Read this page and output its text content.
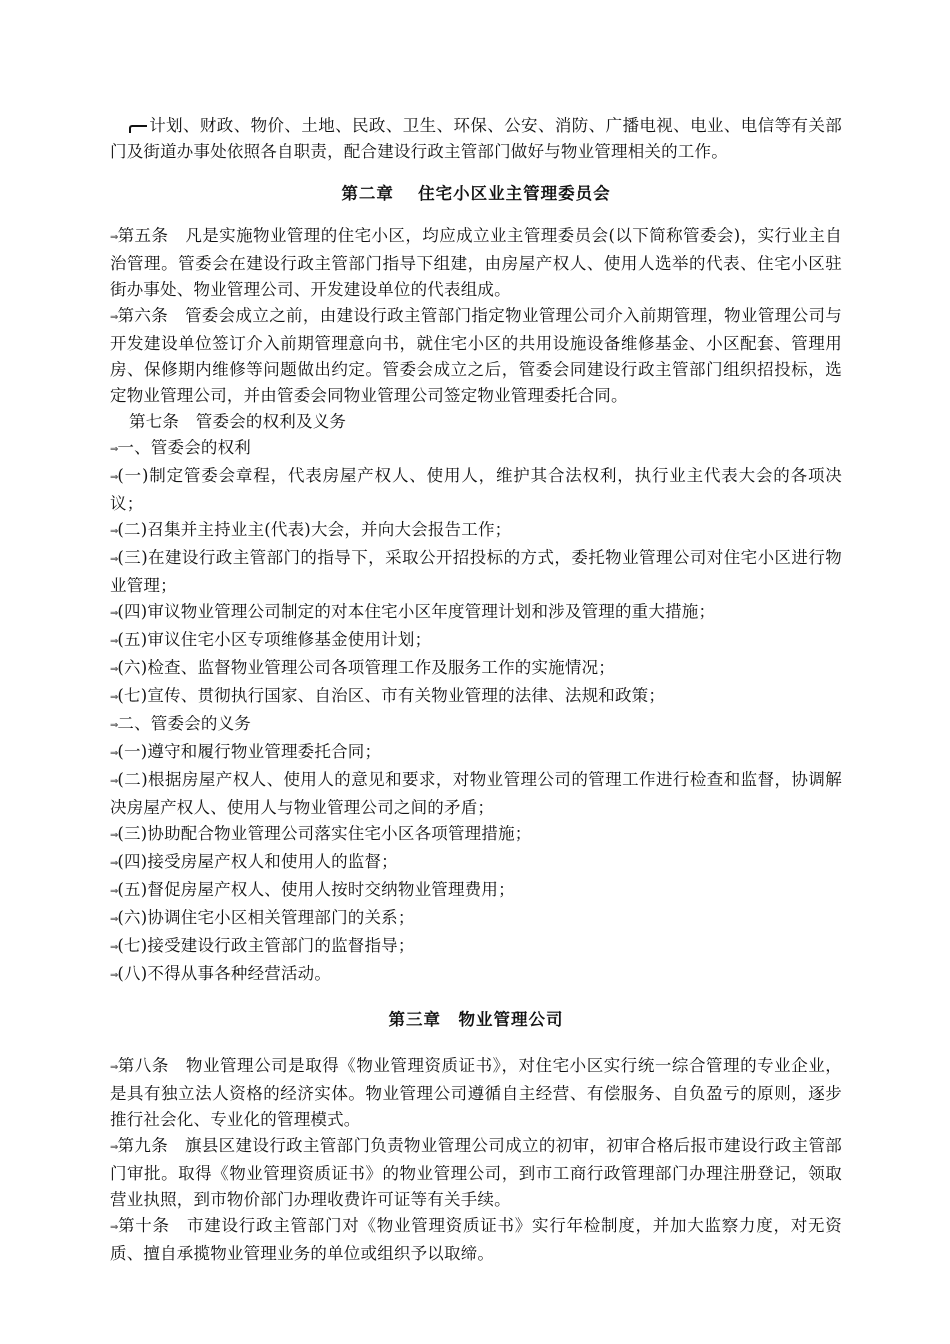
计划、财政、物价、土地、民政、卫生、环保、公安、消防、广播电视、电业、电信等有关部门及街道办事处依照各自职责，配合建设行政主管部门做好与物业管理相关的工作。

第二章　 住宅小区业主管理委员会

⇒第五条　凡是实施物业管理的住宅小区，均应成立业主管理委员会(以下简称管委会)，实行业主自治管理。管委会在建设行政主管部门指导下组建，由房屋产权人、使用人选举的代表、住宅小区驻街办事处、物业管理公司、开发建设单位的代表组成。

⇒第六条　管委会成立之前，由建设行政主管部门指定物业管理公司介入前期管理，物业管理公司与开发建设单位签订介入前期管理意向书，就住宅小区的共用设施设备维修基金、小区配套、管理用房、保修期内维修等问题做出约定。管委会成立之后，管委会同建设行政主管部门组织招投标，选定物业管理公司，并由管委会同物业管理公司签定物业管理委托合同。

第七条　管委会的权利及义务

⇒一、管委会的权利

⇒(一)制定管委会章程，代表房屋产权人、使用人，维护其合法权利，执行业主代表大会的各项决议；

⇒(二)召集并主持业主(代表)大会，并向大会报告工作；

⇒(三)在建设行政主管部门的指导下，采取公开招投标的方式，委托物业管理公司对住宅小区进行物业管理；

⇒(四)审议物业管理公司制定的对本住宅小区年度管理计划和涉及管理的重大措施；

⇒(五)审议住宅小区专项维修基金使用计划；

⇒(六)检查、监督物业管理公司各项管理工作及服务工作的实施情况；

⇒(七)宣传、贯彻执行国家、自治区、市有关物业管理的法律、法规和政策；

⇒二、管委会的义务

⇒(一)遵守和履行物业管理委托合同；

⇒(二)根据房屋产权人、使用人的意见和要求，对物业管理公司的管理工作进行检查和监督，协调解决房屋产权人、使用人与物业管理公司之间的矛盾；

⇒(三)协助配合物业管理公司落实住宅小区各项管理措施；

⇒(四)接受房屋产权人和使用人的监督；

⇒(五)督促房屋产权人、使用人按时交纳物业管理费用；

⇒(六)协调住宅小区相关管理部门的关系；

⇒(七)接受建设行政主管部门的监督指导；

⇒(八)不得从事各种经营活动。

第三章　物业管理公司

⇒第八条　物业管理公司是取得《物业管理资质证书》，对住宅小区实行统一综合管理的专业企业，是具有独立法人资格的经济实体。物业管理公司遵循自主经营、有偿服务、自负盈亏的原则，逐步推行社会化、专业化的管理模式。

⇒第九条　旗县区建设行政主管部门负责物业管理公司成立的初审，初审合格后报市建设行政主管部门审批。取得《物业管理资质证书》的物业管理公司，到市工商行政管理部门办理注册登记，领取营业执照，到市物价部门办理收费许可证等有关手续。

⇒第十条　市建设行政主管部门对《物业管理资质证书》实行年检制度，并加大监察力度，对无资质、擅自承揽物业管理业务的单位或组织予以取缔。
